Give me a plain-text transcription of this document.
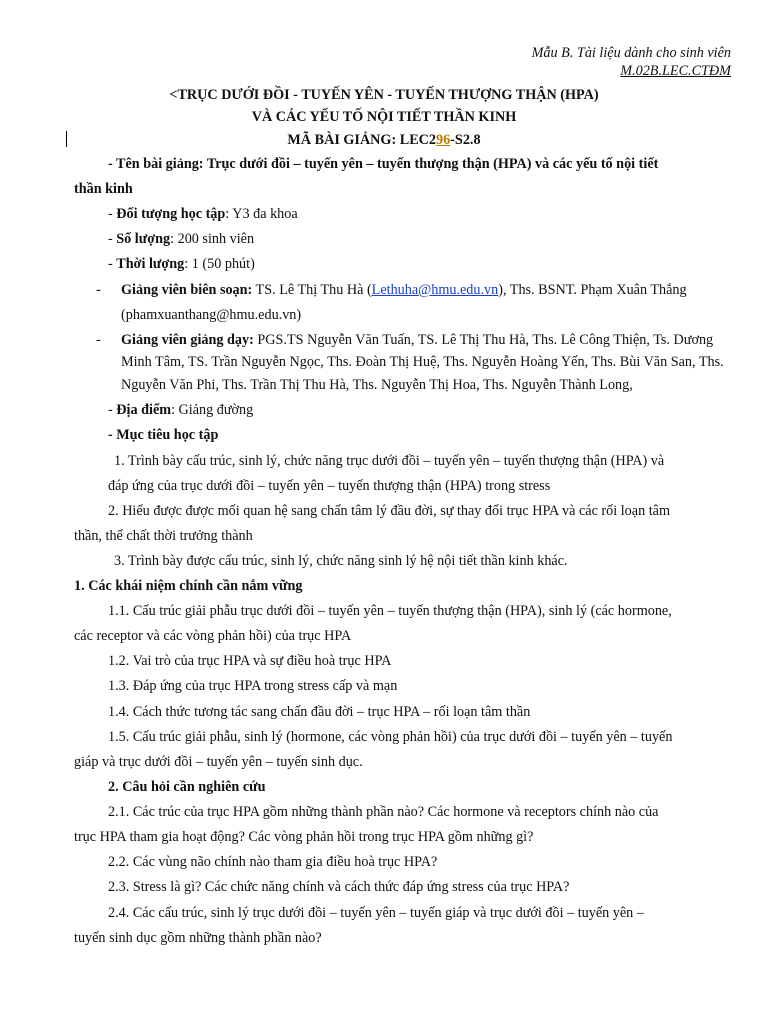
Mẫu B. Tài liệu dành cho sinh viên
M.02B.LEC.CTĐM
<TRỤC DƯỚI ĐỒI - TUYẾN YÊN - TUYẾN THƯỢNG THẬN (HPA)
VÀ CÁC YẾU TỐ NỘI TIẾT THẦN KINH
MÃ BÀI GIẢNG: LEC296-S2.8
- Tên bài giảng: Trục dưới đồi – tuyến yên – tuyến thượng thận (HPA) và các yếu tố nội tiết
thần kinh
- Đối tượng học tập: Y3 đa khoa
- Số lượng: 200 sinh viên
- Thời lượng: 1 (50 phút)
- Giảng viên biên soạn: TS. Lê Thị Thu Hà (Lethuha@hmu.edu.vn), Ths. BSNT. Phạm Xuân Thắng
(phamxuanthang@hmu.edu.vn)
- Giảng viên giảng dạy: PGS.TS Nguyễn Văn Tuấn, TS. Lê Thị Thu Hà, Ths. Lê Công Thiện, Ts. Dương
Minh Tâm, TS. Trần Nguyễn Ngọc, Ths. Đoàn Thị Huệ, Ths. Nguyễn Hoàng Yến, Ths. Bùi Văn San, Ths.
Nguyễn Văn Phi, Ths. Trần Thị Thu Hà, Ths. Nguyễn Thị Hoa, Ths. Nguyễn Thành Long,
- Địa điểm: Giảng đường
- Mục tiêu học tập
1. Trình bày cấu trúc, sinh lý, chức năng trục dưới đồi – tuyến yên – tuyến thượng thận (HPA) và
đáp ứng của trục dưới đồi – tuyến yên – tuyến thượng thận (HPA) trong stress
2. Hiểu được được mối quan hệ sang chấn tâm lý đầu đời, sự thay đổi trục HPA và các rối loạn tâm
thần, thể chất thời trưởng thành
3. Trình bày được cấu trúc, sinh lý, chức năng sinh lý hệ nội tiết thần kinh khác.
1. Các khái niệm chính cần nắm vững
1.1. Cấu trúc giải phẫu trục dưới đồi – tuyến yên – tuyến thượng thận (HPA), sinh lý (các hormone,
các receptor và các vòng phản hồi) của trục HPA
1.2. Vai trò của trục HPA và sự điều hoà trục HPA
1.3. Đáp ứng của trục HPA trong stress cấp và mạn
1.4. Cách thức tương tác sang chấn đầu đời – trục HPA – rối loạn tâm thần
1.5. Cấu trúc giải phẫu, sinh lý (hormone, các vòng phản hồi) của trục dưới đồi – tuyến yên – tuyến
giáp và trục dưới đồi – tuyến yên – tuyến sinh dục.
2. Câu hỏi cần nghiên cứu
2.1. Các trúc của trục HPA gồm những thành phần nào? Các hormone và receptors chính nào của
trục HPA tham gia hoạt động? Các vòng phản hồi trong trục HPA gồm những gì?
2.2. Các vùng não chính nào tham gia điều hoà trục HPA?
2.3. Stress là gì? Các chức năng chính và cách thức đáp ứng stress của trục HPA?
2.4. Các cấu trúc, sinh lý trục dưới đồi – tuyến yên – tuyến giáp và trục dưới đồi – tuyến yên –
tuyến sinh dục gồm những thành phần nào?
